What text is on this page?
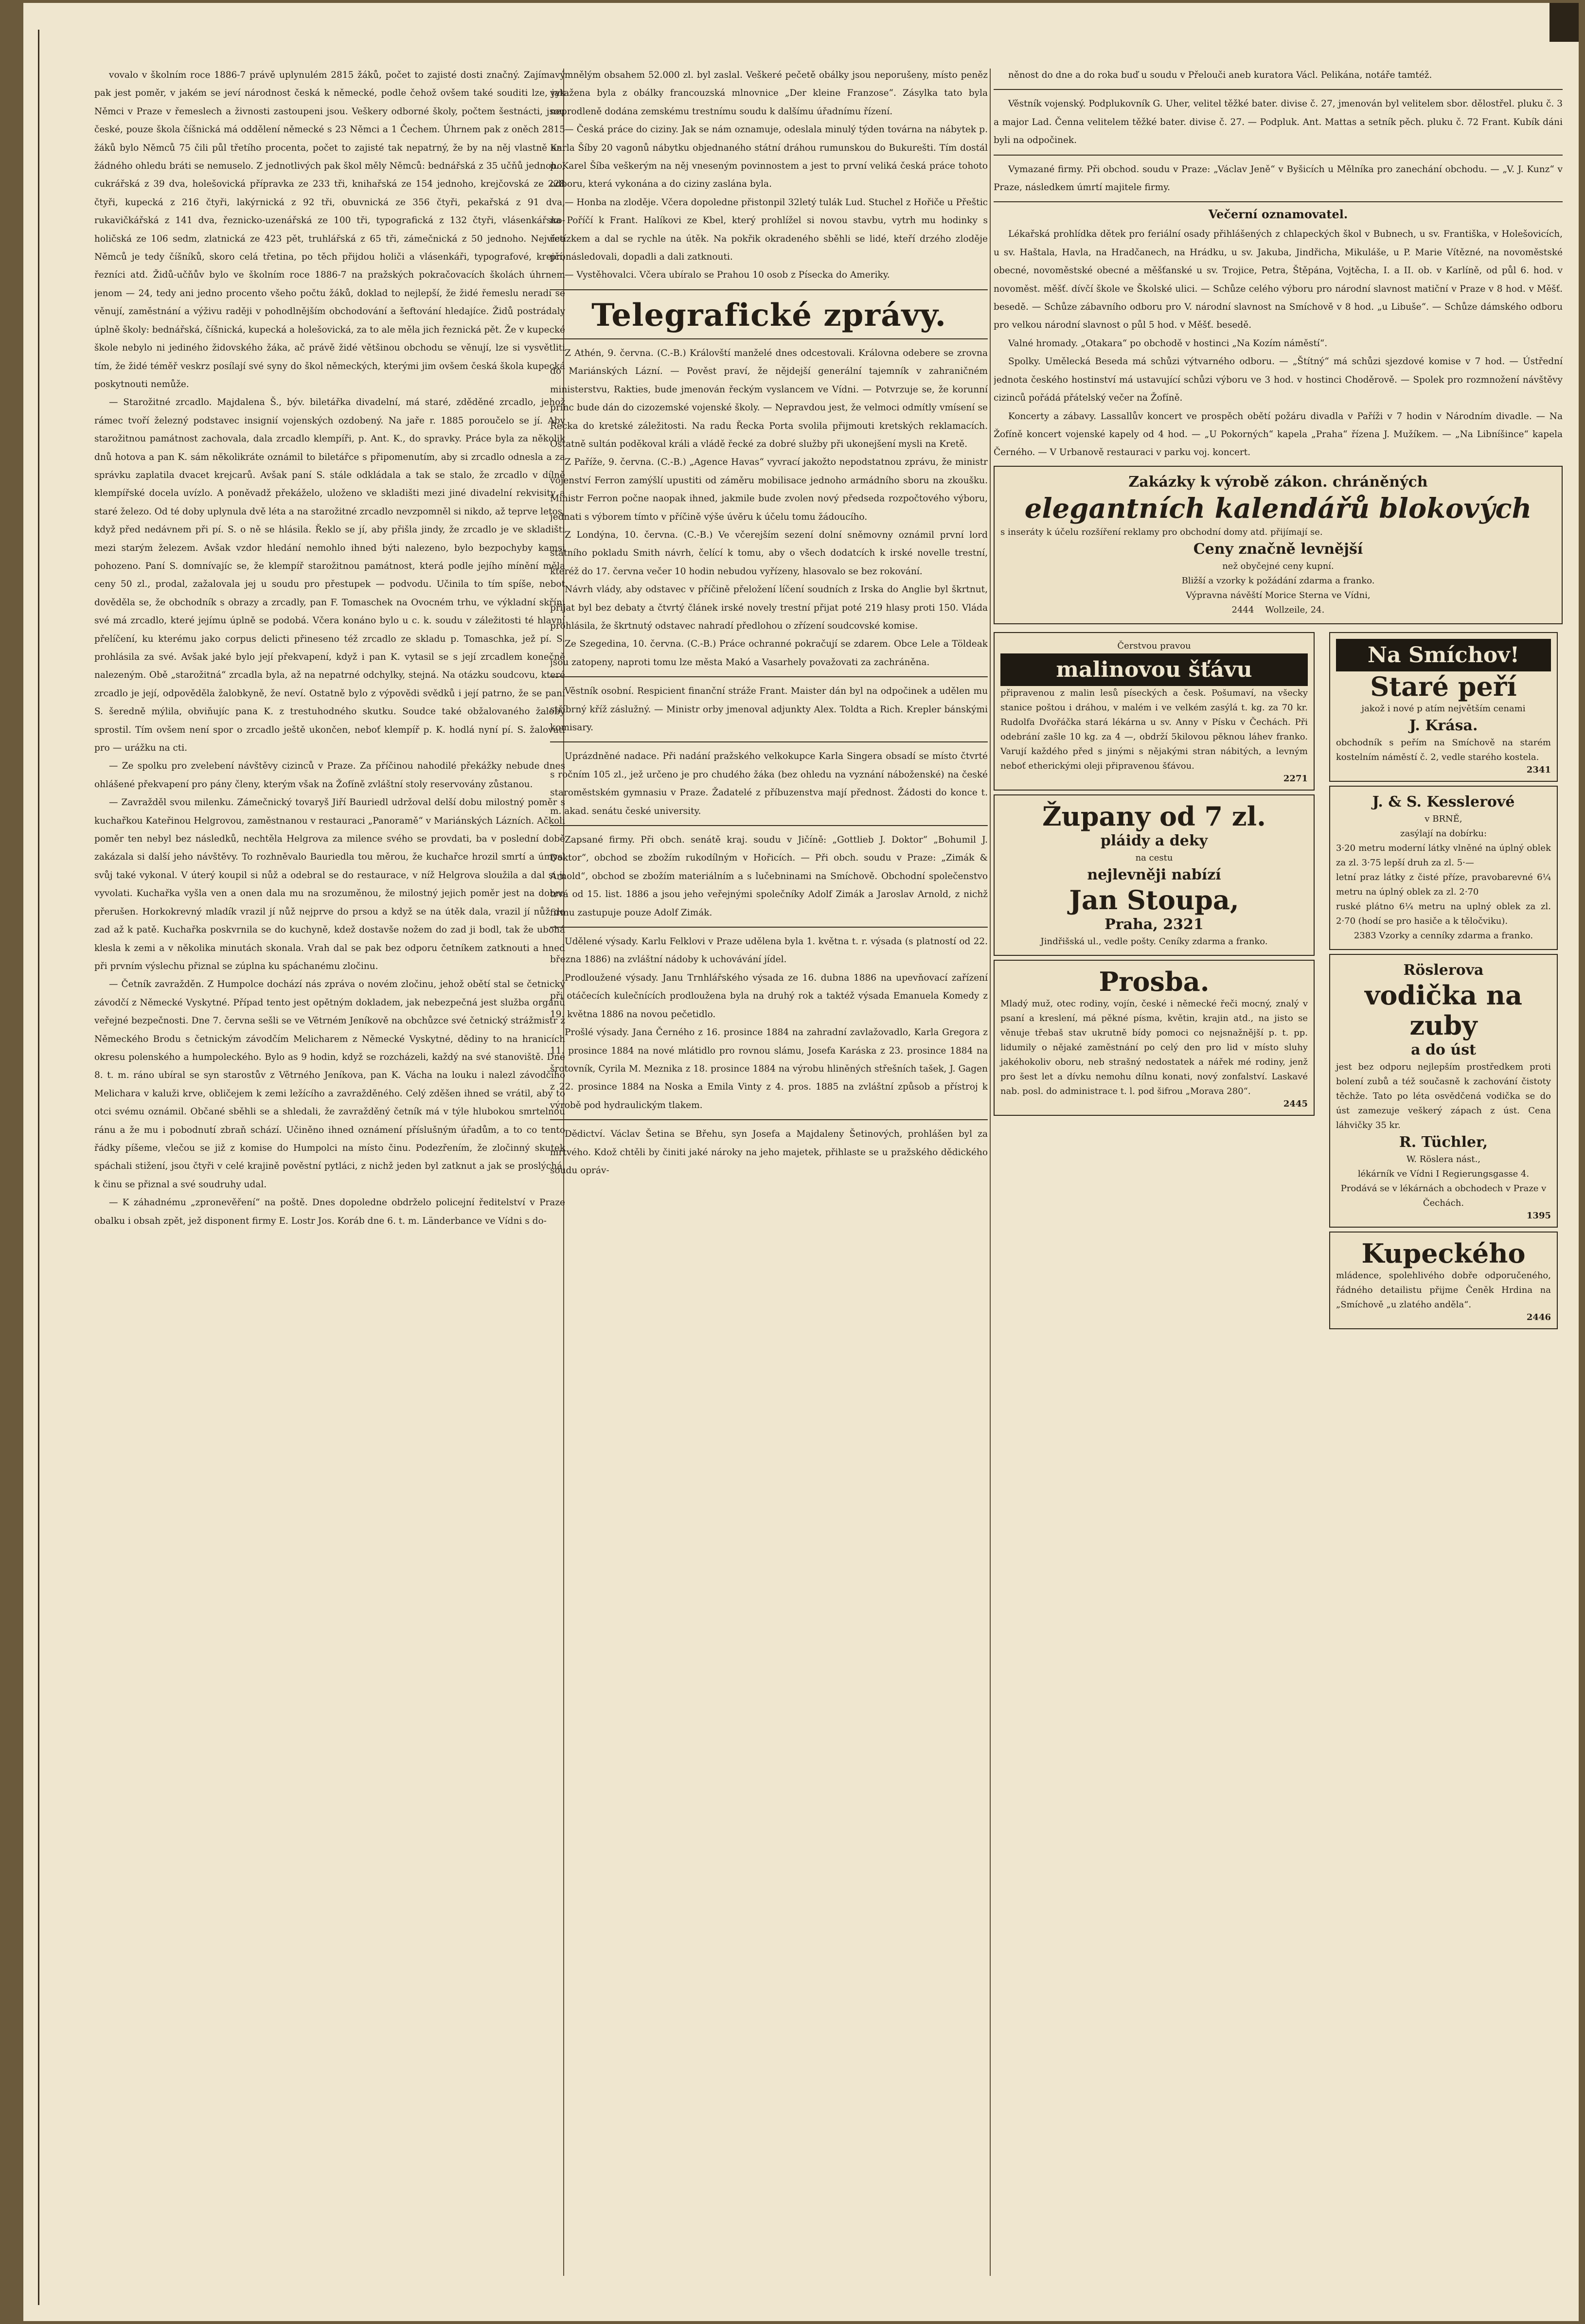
vovalo v školním roce 1886-7 právě uplynulém 2815 žáků, počet to zajisté dosti značný. Zajímavý pak jest poměr, v jakém se jeví národnost česká k německé, podle čehož ovšem také souditi lze, jak Němci v Praze v řemeslech a živnosti zastoupeni jsou. Veškery odborné školy, počtem šestnácti, jsou české, pouze škola číšnická má oddělení německé s 23 Němci a 1 Čechem. Úhrnem pak z oněch 2815 žáků bylo Němců 75 čili půl třetího procenta, počet to zajisté tak nepatrný, že by na něj vlastně ani žádného ohledu bráti se nemuselo. Z jednotlivých pak škol měly Němců: bednářská z 35 učňů jednoho, cukrářská z 39 dva, holešovická přípravka ze 233 tři, knihařská ze 154 jednoho, krejčovská ze 228 čtyři, kupecká z 216 čtyři, lakýrnická z 92 tři, obuvnická ze 356 čtyři, pekařská z 91 dva, rukavičkářská z 141 dva, řeznicko-uzenářská ze 100 tři, typografická z 132 čtyři, vlásenkářsko-holičská ze 106 sedm, zlatnická ze 423 pět, truhlářská z 65 tři, zámečnická z 50 jednoho. Nejvíce Němců je tedy číšníků, skoro celá třetina, po těch přijdou holiči a vlásenkáři, typografové, krejčí, řezníci atd. Židů-učňův bylo ve školním roce 1886-7 na pražských pokračovacích školách úhrnem jenom — 24, tedy ani jedno procento všeho počtu žáků, doklad to nejlepší, že židé řemeslu neradi se věnují, zaměstnání a výživu raději v pohodlnějším obchodování a šeftování hledajíce. Židů postrádaly úplně školy: bednářská, číšnická, kupecká a holešovická, za to ale měla jich řeznická pět. Že v kupecké škole nebylo ni jediného židovského žáka, ač právě židé většinou obchodu se věnují, lze si vysvětliti tím, že židé téměř veskrz posílají své syny do škol německých, kterými jim ovšem česká škola kupecká poskytnouti nemůže.

— Starožitné zrcadlo. Majdalena Š., býv. biletářka divadelní, má staré, zděděné zrcadlo, jehož rámec tvoří železný podstavec insignií vojenských ozdobený. Na jaře r. 1885 poroučelo se jí. Aby starožitnou památnost zachovala, dala zrcadlo klempíři, p. Ant. K., do spravky. Práce byla za několik dnů hotova a pan K. sám několikráte oznámil to biletářce s připomenutím, aby si zrcadlo odnesla a za správku zaplatila dvacet krejcarů. Avšak paní S. stále odkládala a tak se stalo, že zrcadlo v dílně klempířské docela uvízlo. A poněvadž překáželo, uloženo ve skladišti mezi jiné divadelní rekvisity a staré železo. Od té doby uplynula dvě léta a na starožitné zrcadlo nevzpomněl si nikdo, až teprve letos, když před nedávnem při pí. S. o ně se hlásila. Řeklo se jí, aby přišla jindy, že zrcadlo je ve skladišti mezi starým železem. Avšak vzdor hledání nemohlo ihned býti nalezeno, bylo bezpochyby kamsi pohozeno. Paní S. domnívajíc se, že klempíř starožitnou památnost, která podle jejího mínění měla ceny 50 zl., prodal, zažalovala jej u soudu pro přestupek — podvodu. Učinila to tím spíše, nebot dověděla se, že obchodník s obrazy a zrcadly, pan F. Tomaschek na Ovocném trhu, ve výkladní skříni své má zrcadlo, které jejímu úplně se podobá. Včera konáno bylo u c. k. soudu v záležitosti té hlavní přelíčení, ku kterému jako corpus delicti přineseno též zrcadlo ze skladu p. Tomaschka, jež pí. S. prohlásila za své. Avšak jaké bylo její překvapení, když i pan K. vytasil se s její zrcadlem konečně nalezeným. Obě „starožitná“ zrcadla byla, až na nepatrné odchylky, stejná. Na otázku soudcovu, které zrcadlo je její, odpověděla žalobkyně, že neví. Ostatně bylo z výpovědi svědků i její patrno, že se paní S. šeredně mýlila, obviňujíc pana K. z trestuhodného skutku. Soudce také obžalovaného žaloby sprostil. Tím ovšem není spor o zrcadlo ještě ukončen, neboť klempíř p. K. hodlá nyní pí. S. žalovati pro — urážku na cti.

— Ze spolku pro zvelebení návštěvy cizinců v Praze. Za příčinou nahodilé překážky nebude dnes ohlášené překvapení pro pány členy, kterým však na Žofíně zvláštní stoly reservovány zůstanou.

— Zavražděl svou milenku. Zámečnický tovaryš Jiří Bauriedl udržoval delší dobu milostný poměr s kuchařkou Kateřinou Helgrovou, zaměstnanou v restauraci „Panoramě“ v Mariánských Lázních. Ačkoli poměr ten nebyl bez následků, nechtěla Helgrova za milence svého se provdati, ba v poslední době zakázala si další jeho návštěvy. To rozhněvalo Bauriedla tou měrou, že kuchařce hrozil smrtí a úmysl svůj také vykonal. V úterý koupil si nůž a odebral se do restaurace, v níž Helgrova sloužila a dal si ji vyvolati. Kuchařka vyšla ven a onen dala mu na srozuměnou, že milostný jejich poměr jest na dobro přerušen. Horkokrevný mladík vrazil jí nůž nejprve do prsou a když se na útěk dala, vrazil jí nůž do zad až k patě. Kuchařka poskvrnila se do kuchyně, kdež dostavše nožem do zad ji bodl, tak že ubohá klesla k zemi a v několika minutách skonala. Vrah dal se pak bez odporu četníkem zatknouti a hned při prvním výslechu přiznal se zúplna ku spáchanému zločinu.

— Četník zavražděn. Z Humpolce dochází nás zpráva o novém zločinu, jehož obětí stal se četnický závodčí z Německé Vyskytné. Případ tento jest opětným dokladem, jak nebezpečná jest služba orgánů veřejné bezpečnosti. Dne 7. června sešli se ve Větrném Jeníkově na obchůzce své četnický strážmistr z Německého Brodu s četnickým závodčím Melicharem z Německé Vyskytné, dědiny to na hranicích okresu polenského a humpoleckého. Bylo as 9 hodin, když se rozcházeli, každý na své stanoviště. Dne 8. t. m. ráno ubíral se syn starostův z Větrného Jeníkova, pan K. Vácha na louku i nalezl závodčího Melichara v kaluži krve, obličejem k zemi ležícího a zavražděného. Celý zděšen ihned se vrátil, aby to otci svému oznámil. Občané sběhli se a shledali, že zavražděný četník má v týle hlubokou smrtelnou ránu a že mu i pobodnutí zbraň schází. Učiněno ihned oznámení příslušným úřadům, a to co tento řádky píšeme, vlečou se již z komise do Humpolci na místo činu. Podezřením, že zločinný skutek spáchali stižení, jsou čtyři v celé krajině pověstní pytláci, z nichž jeden byl zatknut a jak se proslýchá, k činu se přiznal a své soudruhy udal.

— K záhadnému „zpronevěření“ na poště. Dnes dopoledne obdrželo policejní ředitelství v Praze obalku i obsah zpět, jež disponent firmy E. Lostr Jos. Koráb dne 6. t. m. Länderbance ve Vídni s do-

mnělým obsahem 52.000 zl. byl zaslal. Veškeré pečetě obálky jsou neporušeny, místo peněz vytažena byla z obálky francouzská mlnovnice „Der kleine Franzose“. Zásylka tato byla neprodleně dodána zemskému trestnímu soudu k dalšímu úřadnímu řízení.

— Česká práce do ciziny. Jak se nám oznamuje, odeslala minulý týden továrna na nábytek p. Karla Šíby 20 vagonů nábytku objednaného státní dráhou rumunskou do Bukurešti. Tím dostál p. Karel Šíba veškerým na něj vneseným povinnostem a jest to první veliká česká práce tohoto odboru, která vykonána a do ciziny zaslána byla.

— Honba na zloděje. Včera dopoledne přistonpil 32letý tulák Lud. Stuchel z Hořiče u Přeštic na Poříčí k Frant. Halíkovi ze Kbel, který prohlížel si novou stavbu, vytrh mu hodinky s řetízkem a dal se rychle na útěk. Na pokřik okradeného sběhli se lidé, kteří drzého zloděje pronásledovali, dopadli a dali zatknouti.

— Vystěhovalci. Včera ubíralo se Prahou 10 osob z Písecka do Ameriky.

Telegrafické zprávy.

Z Athén, 9. června. (C.-B.) Královští manželé dnes odcestovali. Královna odebere se zrovna do Mariánských Lázní. — Pověst praví, že nějdejší generální tajemník v zahraničném ministerstvu, Rakties, bude jmenován řeckým vyslancem ve Vídni. — Potvrzuje se, že korunní princ bude dán do cizozemské vojenské školy. — Nepravdou jest, že velmoci odmítly vmísení se Řecka do kretské záležitosti. Na radu Řecka Porta svolila přijmouti kretských reklamacích. Ostatně sultán poděkoval králi a vládě řecké za dobré služby při ukonejšení mysli na Kretě.

Z Paříže, 9. června. (C.-B.) „Agence Havas“ vyvrací jakožto nepodstatnou zprávu, že ministr vojenství Ferron zamýšlí upustiti od záměru mobilisace jednoho armádního sboru na zkoušku. Ministr Ferron počne naopak ihned, jakmile bude zvolen nový předseda rozpočtového výboru, jednati s výborem tímto v příčině výše úvěru k účelu tomu žádoucího.

Z Londýna, 10. června. (C.-B.) Ve včerejším sezení dolní sněmovny oznámil první lord státního pokladu Smith návrh, čelící k tomu, aby o všech dodatcích k irské novelle trestní, kteréž do 17. června večer 10 hodin nebudou vyřízeny, hlasovalo se bez rokování.

Návrh vlády, aby odstavec v příčině přeložení líčení soudních z Irska do Anglie byl škrtnut, přijat byl bez debaty a čtvrtý článek irské novely trestní přijat poté 219 hlasy proti 150. Vláda prohlásila, že škrtnutý odstavec nahradí předlohou o zřízení soudcovské komise.

Ze Szegedina, 10. června. (C.-B.) Práce ochranné pokračují se zdarem. Obce Lele a Töldeak jsou zatopeny, naproti tomu lze města Makó a Vasarhely považovati za zachráněna.

Věstník osobní. Respicient finanční stráže Frant. Maister dán byl na odpočinek a udělen mu stříbrný kříž záslužný. — Ministr orby jmenoval adjunkty Alex. Toldta a Rich. Krepler bánskými komisary.

Uprázdněné nadace. Při nadání pražského velkokupce Karla Singera obsadí se místo čtvrté s ročním 105 zl., jež určeno je pro chudého žáka (bez ohledu na vyznání náboženské) na české staroměstském gymnasiu v Praze. Žadatelé z příbuzenstva mají přednost. Žádosti do konce t. m. akad. senátu české university.

Zapsané firmy. Při obch. senátě kraj. soudu v Jičíně: „Gottlieb J. Doktor“ „Bohumil J. Doktor“, obchod se zbožím rukodílným v Hořicích. — Při obch. soudu v Praze: „Zimák & Arnold“, obchod se zbožím materiálním a s lučebninami na Smíchově. Obchodní společenstvo trvá od 15. list. 1886 a jsou jeho veřejnými společníky Adolf Zimák a Jaroslav Arnold, z nichž firmu zastupuje pouze Adolf Zimák.

Udělené výsady. Karlu Felklovi v Praze udělena byla 1. května t. r. výsada (s platností od 22. března 1886) na zvláštní nádoby k uchovávání jídel.

Prodloužené výsady. Janu Trnhlářského výsada ze 16. dubna 1886 na upevňovací zařízení při otáčecích kulečnících prodloužena byla na druhý rok a taktéž výsada Emanuela Komedy z 19. května 1886 na novou pečetidlo.

Prošlé výsady. Jana Černého z 16. prosince 1884 na zahradní zavlažovadlo, Karla Gregora z 11. prosince 1884 na nové mlátidlo pro rovnou slámu, Josefa Karáska z 23. prosince 1884 na šrotovník, Cyrila M. Meznika z 18. prosince 1884 na výrobu hliněných střešních tašek, J. Gagen z 22. prosince 1884 na Noska a Emila Vinty z 4. pros. 1885 na zvláštní způsob a přístroj k výrobě pod hydraulickým tlakem.

Dědictví. Václav Šetina se Břehu, syn Josefa a Majdaleny Šetinových, prohlášen byl za mrtvého. Kdož chtěli by činiti jaké nároky na jeho majetek, přihlaste se u pražského dědického soudu opráv-

něnost do dne a do roka buď u soudu v Přelouči aneb kuratora Václ. Pelikána, notáře tamtéž.

Věstník vojenský. Podplukovník G. Uher, velitel těžké bater. divise č. 27, jmenován byl velitelem sbor. dělostřel. pluku č. 3 a major Lad. Čenna velitelem těžké bater. divise č. 27. — Podpluk. Ant. Mattas a setník pěch. pluku č. 72 Frant. Kubík dáni byli na odpočinek.

Vymazané firmy. Při obchod. soudu v Praze: „Václav Jeně“ v Byšicích u Mělníka pro zanechání obchodu. — „V. J. Kunz“ v Praze, následkem úmrtí majitele firmy.

Večerní oznamovatel.

Lékařská prohlídka dětek pro feriální osady přihlášených z chlapeckých škol v Bubnech, u sv. Františka, v Holešovicích, u sv. Haštala, Havla, na Hradčanech, na Hrádku, u sv. Jakuba, Jindřicha, Mikuláše, u P. Marie Vítězné, na novoměstské obecné, novoměstské obecné a měšťanské u sv. Trojice, Petra, Štěpána, Vojtěcha, I. a II. ob. v Karlíně, od půl 6. hod. v novoměst. měšť. dívčí škole ve Školské ulici. — Schůze celého výboru pro národní slavnost matiční v Praze v 8 hod. v Měšť. besedě. — Schůze zábavního odboru pro V. národní slavnost na Smíchově v 8 hod. „u Libuše“. — Schůze dámského odboru pro velkou národní slavnost o půl 5 hod. v Měšť. besedě.

Valné hromady. „Otakara“ po obchodě v hostinci „Na Kozím náměstí“.

Spolky. Umělecká Beseda má schůzi výtvarného odboru. — „Štítný“ má schůzi sjezdové komise v 7 hod. — Ústřední jednota českého hostinství má ustavující schůzi výboru ve 3 hod. v hostinci Choděrově. — Spolek pro rozmnožení návštěvy cizinců pořádá přátelský večer na Žofíně.

Koncerty a zábavy. Lassallův koncert ve prospěch obětí požáru divadla v Paříži v 7 hodin v Národním divadle. — Na Žofíně koncert vojenské kapely od 4 hod. — „U Pokorných“ kapela „Praha“ řízena J. Mužíkem. — „Na Libníšince“ kapela Černého. — V Urbanově restauraci v parku voj. koncert.

Zakázky k výrobě zákon. chráněných
elegantních kalendářů blokových
s inseráty k účelu rozšíření reklamy pro obchodní domy atd. přijímají se.
Ceny značně levnější
než obyčejné ceny kupní.
Bližší a vzorky k požádání zdarma a franko.
Výpravna návěští Morice Sterna ve Vídni,
2444 Wollzeile, 24.
Čerstvou pravou
malinovou šťávu
připravenou z malin lesů píseckých a česk. Pošumaví, na všecky stanice poštou i dráhou, v malém i ve velkém zasýlá t. kg. za 70 kr. Rudolfa Dvořáčka stará lékárna u sv. Anny v Písku v Čechách. Při odebrání zašle 10 kg. za 4 —, obdrží 5kilovou pěknou láhev franko. Varují každého před s jinými s nějakými stran nábitých, a levným neboť etherickými oleji připravenou šťávou.
2271
Župany od 7 zl.
pláidy a deky
na cestu
nejlevněji nabízí
Jan Stoupa,
Praha, 2321
Jindřišská ul., vedle pošty. Ceníky zdarma a franko.
Prosba.
Mladý muž, otec rodiny, vojín, české i německé řeči mocný, znalý v psaní a kreslení, má pěkné písma, květin, krajin atd., na jisto se věnuje třebaš stav ukrutně bídy pomoci co nejsnažnější p. t. pp. lidumily o nějaké zaměstnání po celý den pro lid v místo sluhy jakéhokoliv oboru, neb strašný nedostatek a nářek mé rodiny, jenž pro šest let a dívku nemohu dílnu konati, nový zonfalství. Laskavé nab. posl. do administrace t. l. pod šifrou „Morava 280“.
2445
Na Smíchov!
Staré peří
jakož i nové p atím největším cenami
J. Krása.
obchodník s peřím na Smíchově na starém kostelním náměstí č. 2, vedle starého kostela.
2341
J. & S. Kesslerové
v BRNĚ,
zasýlají na dobírku:
3·20 metru moderní látky vlněné na úplný oblek za zl. 3·75 lepší druh za zl. 5·—
letní praz látky z čisté příze, pravobarevné 6¼ metru na úplný oblek za zl. 2·70
ruské plátno 6¼ metru na uplný oblek za zl. 2·70 (hodí se pro hasiče a k těločviku).
2383 Vzorky a cenníky zdarma a franko.
Röslerova
vodička na zuby
a do úst
jest bez odporu nejlepším prostředkem proti bolení zubů a též současně k zachování čistoty těchže. Tato po léta osvědčená vodička se do úst zamezuje veškerý zápach z úst. Cena láhvičky 35 kr.
R. Tüchler,
W. Röslera nást.,
lékárník ve Vídni I Regierungsgasse 4.
Prodává se v lékárnách a obchodech v Praze v Čechách.
1395
Kupeckého
mládence, spolehlivého dobře odporučeného, řádného detailistu přijme Čeněk Hrdina na „Smíchově „u zlatého anděla“.
2446
